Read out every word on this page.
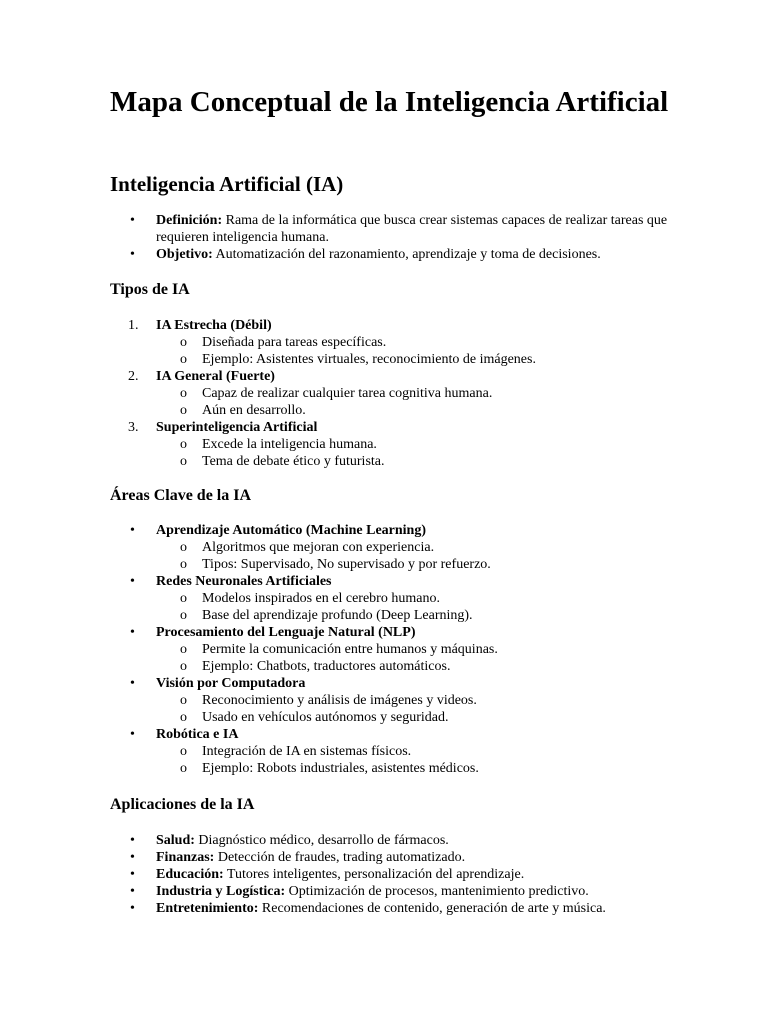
Mapa Conceptual de la Inteligencia Artificial
Inteligencia Artificial (IA)
•	Definición: Rama de la informática que busca crear sistemas capaces de realizar tareas que requieren inteligencia humana.
•	Objetivo: Automatización del razonamiento, aprendizaje y toma de decisiones.
Tipos de IA
1.	IA Estrecha (Débil)
o	Diseñada para tareas específicas.
o	Ejemplo: Asistentes virtuales, reconocimiento de imágenes.
2.	IA General (Fuerte)
o	Capaz de realizar cualquier tarea cognitiva humana.
o	Aún en desarrollo.
3.	Superinteligencia Artificial
o	Excede la inteligencia humana.
o	Tema de debate ético y futurista.
Áreas Clave de la IA
•	Aprendizaje Automático (Machine Learning)
o	Algoritmos que mejoran con experiencia.
o	Tipos: Supervisado, No supervisado y por refuerzo.
•	Redes Neuronales Artificiales
o	Modelos inspirados en el cerebro humano.
o	Base del aprendizaje profundo (Deep Learning).
•	Procesamiento del Lenguaje Natural (NLP)
o	Permite la comunicación entre humanos y máquinas.
o	Ejemplo: Chatbots, traductores automáticos.
•	Visión por Computadora
o	Reconocimiento y análisis de imágenes y videos.
o	Usado en vehículos autónomos y seguridad.
•	Robótica e IA
o	Integración de IA en sistemas físicos.
o	Ejemplo: Robots industriales, asistentes médicos.
Aplicaciones de la IA
•	Salud: Diagnóstico médico, desarrollo de fármacos.
•	Finanzas: Detección de fraudes, trading automatizado.
•	Educación: Tutores inteligentes, personalización del aprendizaje.
•	Industria y Logística: Optimización de procesos, mantenimiento predictivo.
•	Entretenimiento: Recomendaciones de contenido, generación de arte y música.
